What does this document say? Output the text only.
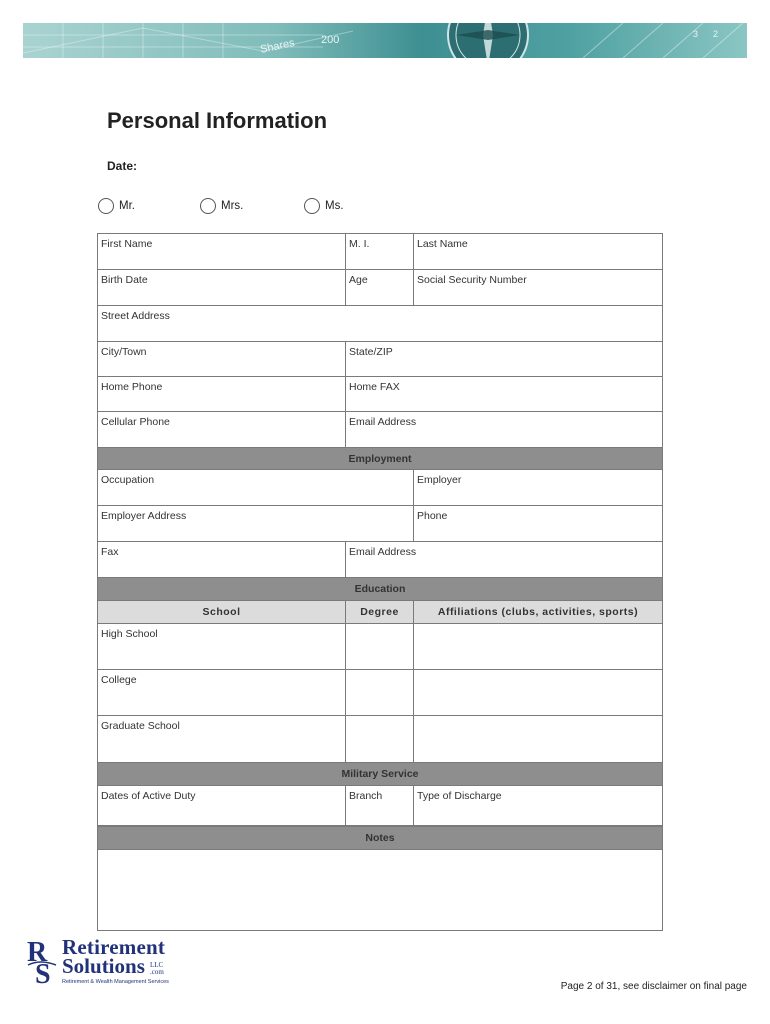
Shares 200	3 2
Personal Information
Date:
Mr.	Mrs.	Ms.
First Name	M. I.	Last Name
Birth Date	Age	Social Security Number
Street Address		
City/Town	State/ZIP	
Home Phone	Home FAX	
Cellular Phone	Email Address	
Employment		
Occupation		Employer
Employer Address		Phone
Fax	Email Address	
Education		
School	Degree	Affiliations (clubs, activities, sports)
High School		
College		
Graduate School		
Military Service
Dates of Active Duty	Branch	Type of Discharge
Notes

R
S
Retirement
Solutions LLC
.com
Retirement & Wealth Management Services	Page 2 of 31, see disclaimer on final page
